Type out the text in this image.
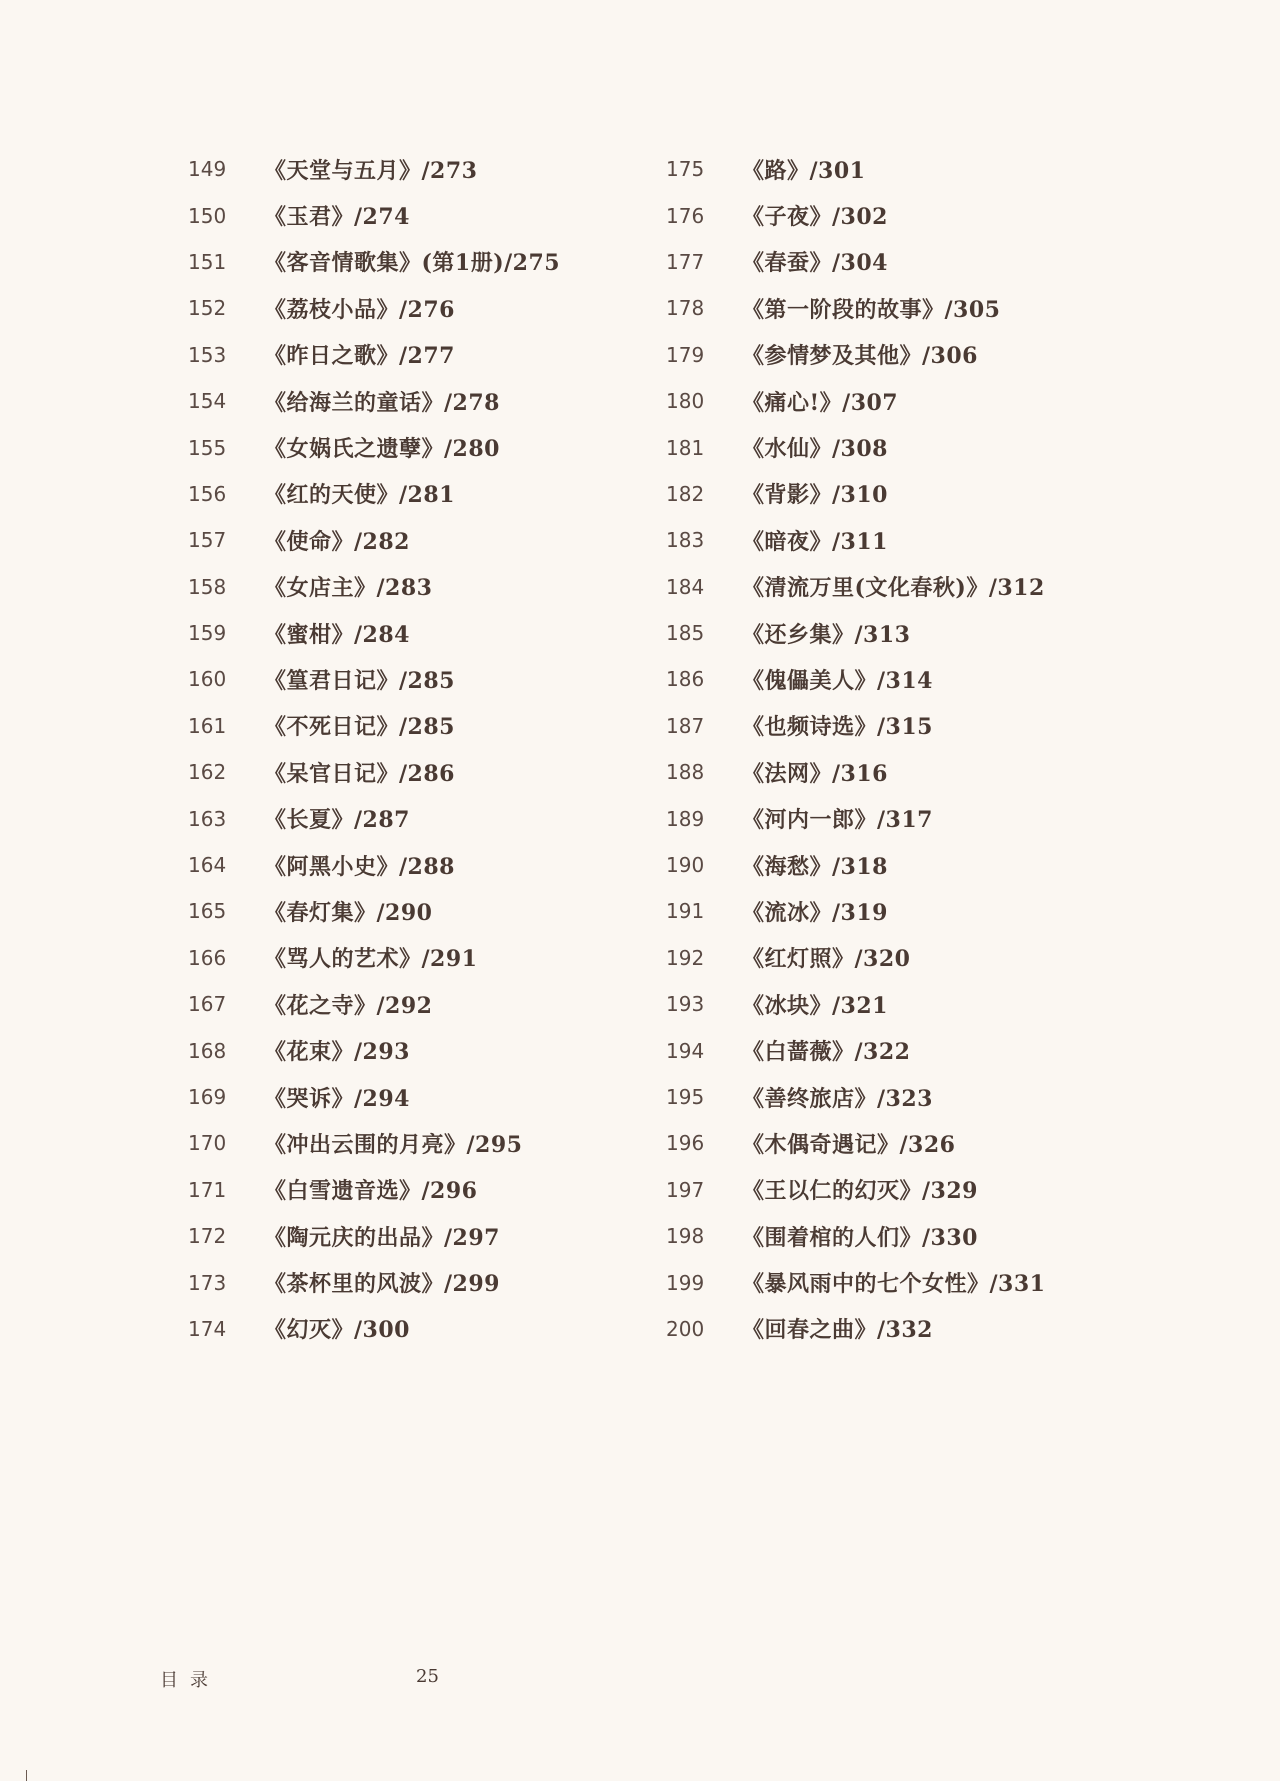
149	《天堂与五月》/273
150	《玉君》/274
151	《客音情歌集》(第1册)/275
152	《荔枝小品》/276
153	《昨日之歌》/277
154	《给海兰的童话》/278
155	《女娲氏之遗孽》/280
156	《红的天使》/281
157	《使命》/282
158	《女店主》/283
159	《蜜柑》/284
160	《篁君日记》/285
161	《不死日记》/285
162	《呆官日记》/286
163	《长夏》/287
164	《阿黑小史》/288
165	《春灯集》/290
166	《骂人的艺术》/291
167	《花之寺》/292
168	《花束》/293
169	《哭诉》/294
170	《冲出云围的月亮》/295
171	《白雪遗音选》/296
172	《陶元庆的出品》/297
173	《茶杯里的风波》/299
174	《幻灭》/300
175	《路》/301
176	《子夜》/302
177	《春蚕》/304
178	《第一阶段的故事》/305
179	《参情梦及其他》/306
180	《痛心!》/307
181	《水仙》/308
182	《背影》/310
183	《暗夜》/311
184	《清流万里(文化春秋)》/312
185	《还乡集》/313
186	《傀儡美人》/314
187	《也频诗选》/315
188	《法网》/316
189	《河内一郎》/317
190	《海愁》/318
191	《流冰》/319
192	《红灯照》/320
193	《冰块》/321
194	《白蔷薇》/322
195	《善终旅店》/323
196	《木偶奇遇记》/326
197	《王以仁的幻灭》/329
198	《围着棺的人们》/330
199	《暴风雨中的七个女性》/331
200	《回春之曲》/332
目录	25
